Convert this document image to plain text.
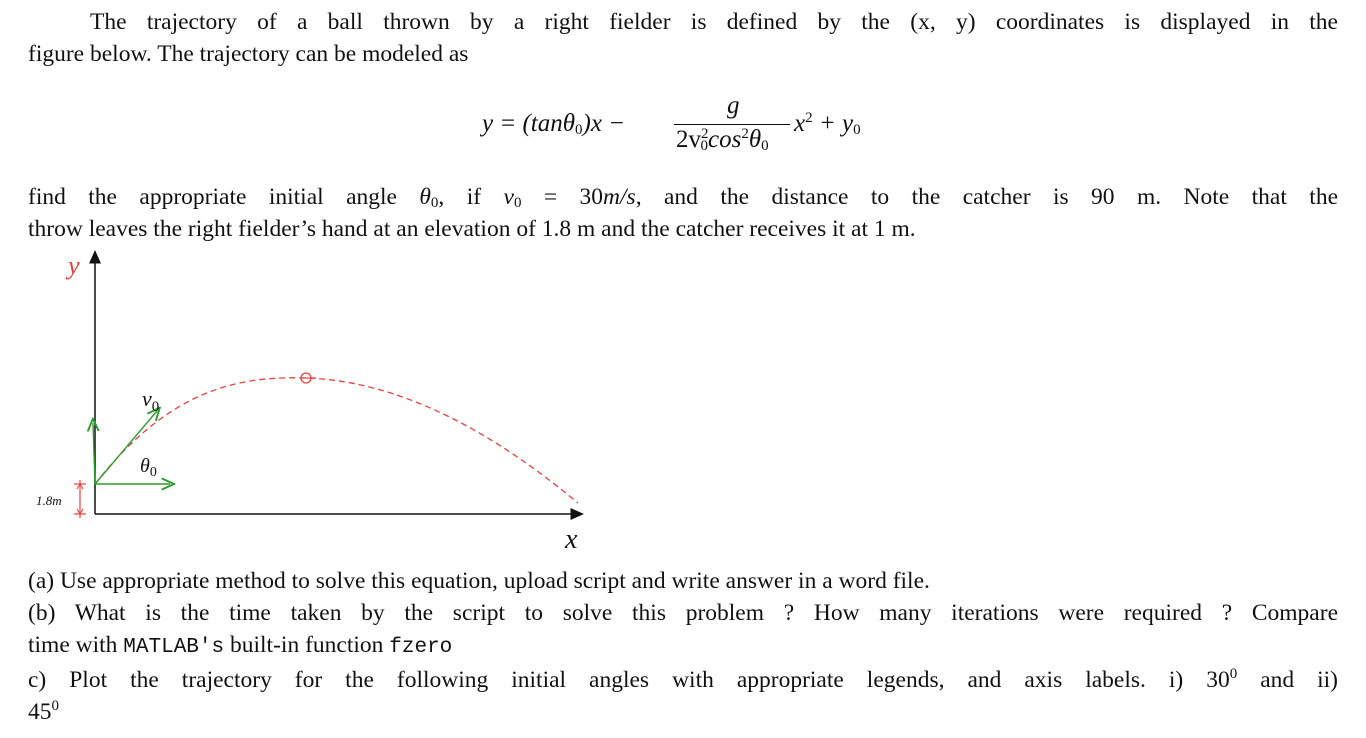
The trajectory of a ball thrown by a right fielder is defined by the (x, y) coordinates is displayed in the
figure below. The trajectory can be modeled as
y = (tanθ$_0$)x −
g
$2v^2_0\cos^2\theta_0$
$x^2 + y_0$
find the appropriate initial angle $\theta_0$, if $v_0 = 30m/s$, and the distance to the catcher is 90 m. Note that the
throw leaves the right fielder’s hand at an elevation of 1.8 m and the catcher receives it at 1 m.
y
x
1.8m
$v_0$
$\theta_0$
(a) Use appropriate method to solve this equation, upload script and write answer in a word file.
(b) What is the time taken by the script to solve this problem ? How many iterations were required ? Compare
time with MATLAB's built-in function fzero
c) Plot the trajectory for the following initial angles with appropriate legends, and axis labels. i) $30^0$ and ii)
$45^0$
